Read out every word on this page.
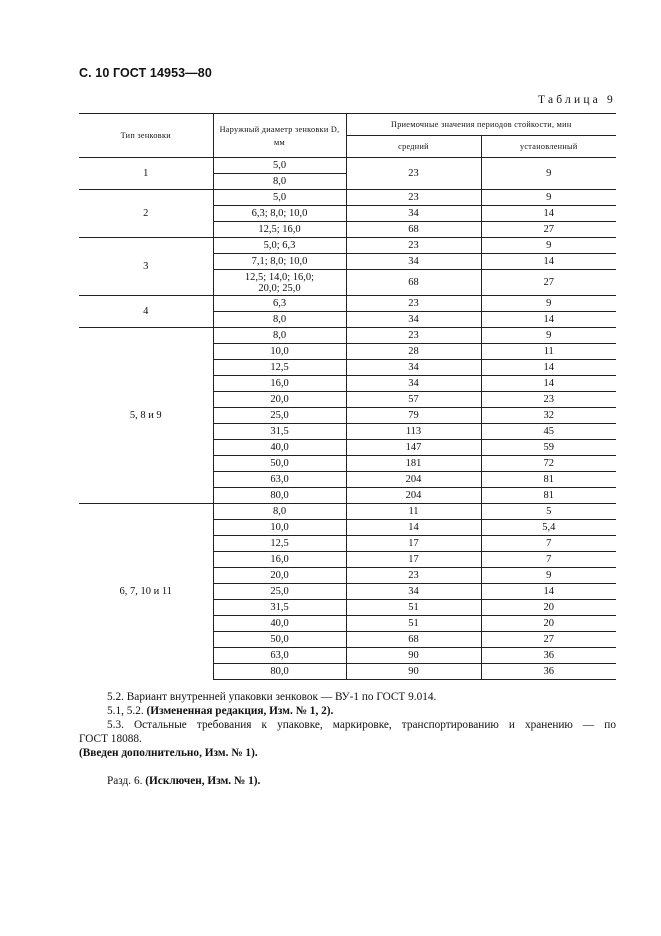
С. 10 ГОСТ 14953—80
Таблица 9
Тип зенковки	Наружный диаметр зенковки D, мм	Приемочные значения периодов стойкости, мин	
		средний	установленный
1	5,0	23	9
	8,0		
2	5,0	23	9
	6,3; 8,0; 10,0	34	14
	12,5; 16,0	68	27
3	5,0; 6,3	23	9
	7,1; 8,0; 10,0	34	14
	12,5; 14,0; 16,0; 20,0; 25,0	68	27
4	6,3	23	9
	8,0	34	14
5, 8 и 9	8,0	23	9
	10,0	28	11
	12,5	34	14
	16,0	34	14
	20,0	57	23
	25,0	79	32
	31,5	113	45
	40,0	147	59
	50,0	181	72
	63,0	204	81
	80,0	204	81
6, 7, 10 и 11	8,0	11	5
	10,0	14	5,4
	12,5	17	7
	16,0	17	7
	20,0	23	9
	25,0	34	14
	31,5	51	20
	40,0	51	20
	50,0	68	27
	63,0	90	36
	80,0	90	36

5.2. Вариант внутренней упаковки зенковок — ВУ-1 по ГОСТ 9.014.

5.1, 5.2. (Измененная редакция, Изм. № 1, 2).

5.3. Остальные требования к упаковке, маркировке, транспортированию и хранению — по

ГОСТ 18088.

(Введен дополнительно, Изм. № 1).

Разд. 6. (Исключен, Изм. № 1).
